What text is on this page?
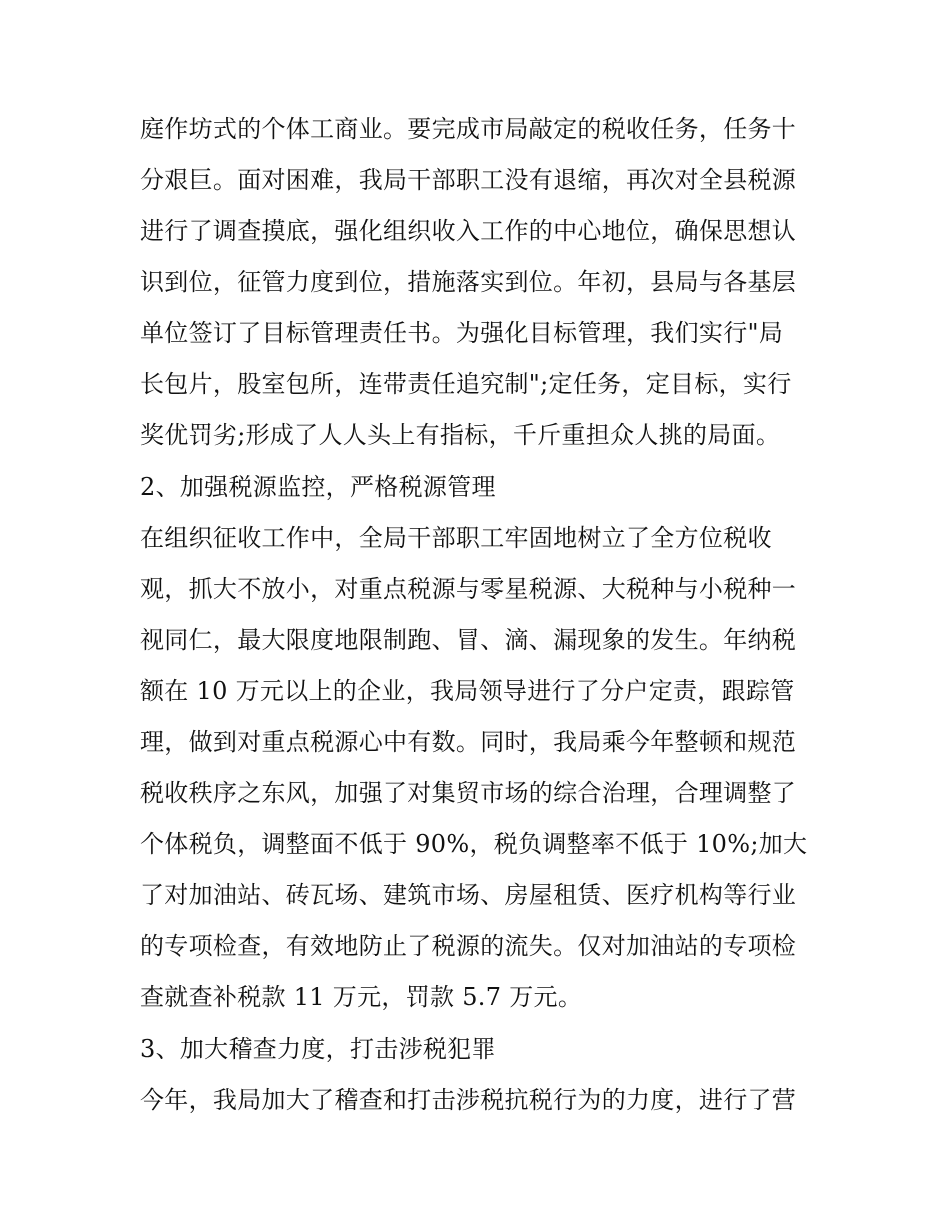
庭作坊式的个体工商业。要完成市局敲定的税收任务，任务十
分艰巨。面对困难，我局干部职工没有退缩，再次对全县税源
进行了调查摸底，强化组织收入工作的中心地位，确保思想认
识到位，征管力度到位，措施落实到位。年初，县局与各基层
单位签订了目标管理责任书。为强化目标管理，我们实行"局
长包片，股室包所，连带责任追究制";定任务，定目标，实行
奖优罚劣;形成了人人头上有指标，千斤重担众人挑的局面。
2、加强税源监控，严格税源管理
在组织征收工作中，全局干部职工牢固地树立了全方位税收
观，抓大不放小，对重点税源与零星税源、大税种与小税种一
视同仁，最大限度地限制跑、冒、滴、漏现象的发生。年纳税
额在 10 万元以上的企业，我局领导进行了分户定责，跟踪管
理，做到对重点税源心中有数。同时，我局乘今年整顿和规范
税收秩序之东风，加强了对集贸市场的综合治理，合理调整了
个体税负，调整面不低于 90%，税负调整率不低于 10%;加大
了对加油站、砖瓦场、建筑市场、房屋租赁、医疗机构等行业
的专项检查，有效地防止了税源的流失。仅对加油站的专项检
查就查补税款 11 万元，罚款 5.7 万元。
3、加大稽查力度，打击涉税犯罪
今年，我局加大了稽查和打击涉税抗税行为的力度，进行了营
